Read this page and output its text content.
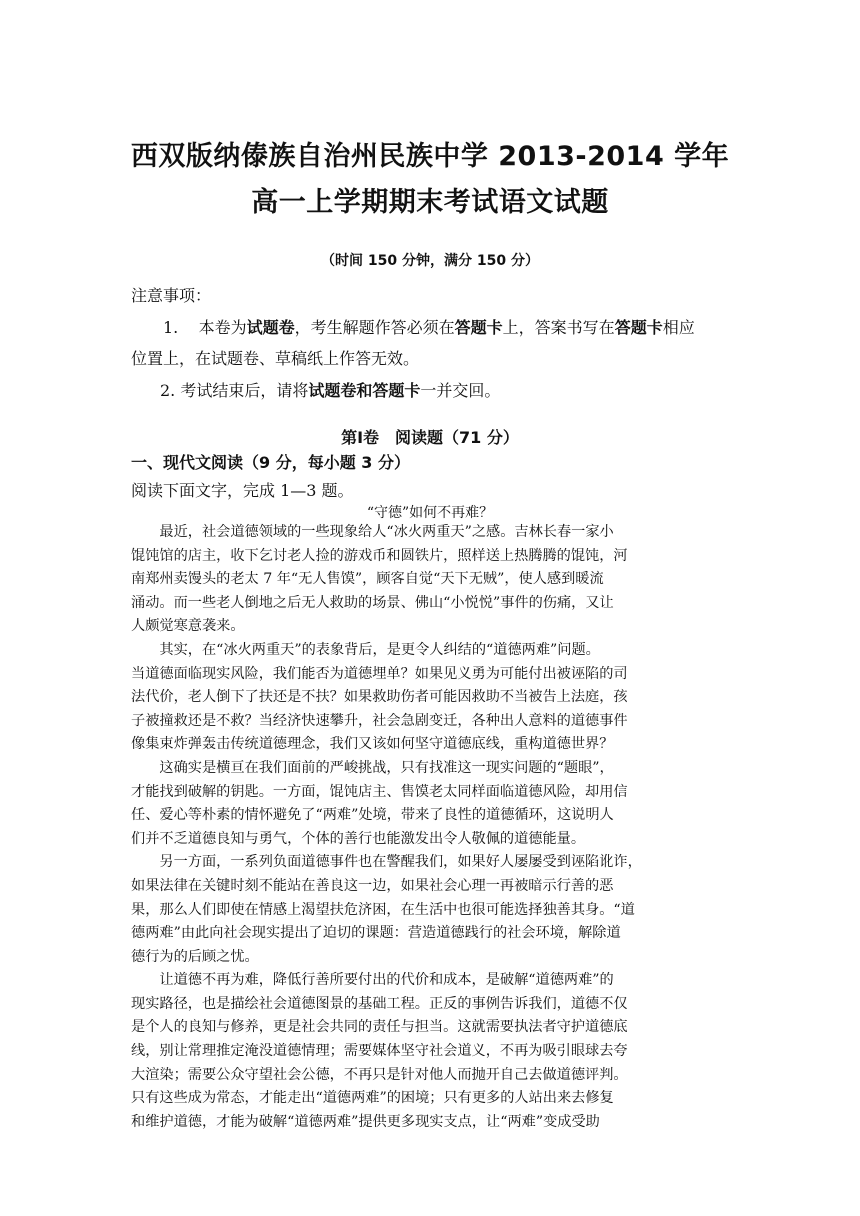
西双版纳傣族自治州民族中学 2013-2014 学年
高一上学期期末考试语文试题
（时间 150 分钟，满分 150 分）
注意事项：
1. 本卷为试题卷，考生解题作答必须在答题卡上，答案书写在答题卡相应
位置上，在试题卷、草稿纸上作答无效。
2. 考试结束后，请将试题卷和答题卡一并交回。
第Ⅰ卷　阅读题（71 分）
一、现代文阅读（9 分，每小题 3 分）
阅读下面文字，完成 1—3 题。
“守德”如何不再难？

最近，社会道德领域的一些现象给人“冰火两重天”之感。吉林长春一家小
馄饨馆的店主，收下乞讨老人捡的游戏币和圆铁片，照样送上热腾腾的馄饨，河
南郑州卖馒头的老太 7 年“无人售馍”，顾客自觉“天下无贼”，使人感到暖流
涌动。而一些老人倒地之后无人救助的场景、佛山“小悦悦”事件的伤痛，又让
人颇觉寒意袭来。

其实，在“冰火两重天”的表象背后，是更令人纠结的“道德两难”问题。
当道德面临现实风险，我们能否为道德埋单？如果见义勇为可能付出被诬陷的司
法代价，老人倒下了扶还是不扶？如果救助伤者可能因救助不当被告上法庭，孩
子被撞救还是不救？当经济快速攀升，社会急剧变迁，各种出人意料的道德事件
像集束炸弹轰击传统道德理念，我们又该如何坚守道德底线，重构道德世界？

这确实是横亘在我们面前的严峻挑战，只有找准这一现实问题的“题眼”，
才能找到破解的钥匙。一方面，馄饨店主、售馍老太同样面临道德风险，却用信
任、爱心等朴素的情怀避免了“两难”处境，带来了良性的道德循环，这说明人
们并不乏道德良知与勇气，个体的善行也能激发出令人敬佩的道德能量。

另一方面，一系列负面道德事件也在警醒我们，如果好人屡屡受到诬陷讹诈，
如果法律在关键时刻不能站在善良这一边，如果社会心理一再被暗示行善的恶
果，那么人们即使在情感上渴望扶危济困，在生活中也很可能选择独善其身。“道
德两难”由此向社会现实提出了迫切的课题：营造道德践行的社会环境，解除道
德行为的后顾之忧。

让道德不再为难，降低行善所要付出的代价和成本，是破解“道德两难”的
现实路径，也是描绘社会道德图景的基础工程。正反的事例告诉我们，道德不仅
是个人的良知与修养，更是社会共同的责任与担当。这就需要执法者守护道德底
线，别让常理推定淹没道德情理；需要媒体坚守社会道义，不再为吸引眼球去夸
大渲染；需要公众守望社会公德，不再只是针对他人而抛开自己去做道德评判。
只有这些成为常态，才能走出“道德两难”的困境；只有更多的人站出来去修复
和维护道德，才能为破解“道德两难”提供更多现实支点，让“两难”变成受助
